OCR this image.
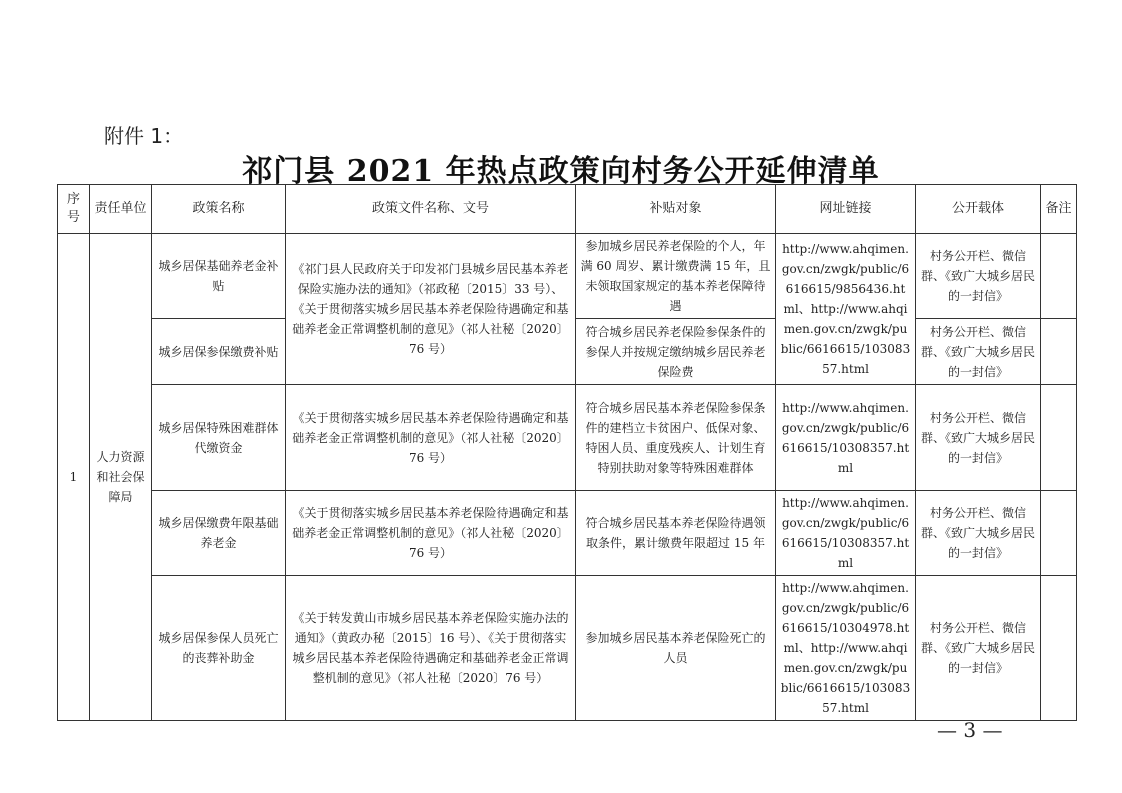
附件 1：
祁门县 2021 年热点政策向村务公开延伸清单
序号	责任单位	政策名称	政策文件名称、文号	补贴对象	网址链接	公开载体	备注
1	人力资源和社会保障局	城乡居保基础养老金补贴	《祁门县人民政府关于印发祁门县城乡居民基本养老保险实施办法的通知》（祁政秘〔2015〕33 号）、《关于贯彻落实城乡居民基本养老保险待遇确定和基础养老金正常调整机制的意见》（祁人社秘〔2020〕76 号）	参加城乡居民养老保险的个人，年满 60 周岁、累计缴费满 15 年，且未领取国家规定的基本养老保障待遇	http://www.ahqimen.gov.cn/zwgk/public/6616615/9856436.html、http://www.ahqimen.gov.cn/zwgk/public/6616615/10308357.html	村务公开栏、微信群、《致广大城乡居民的一封信》	
		城乡居保参保缴费补贴		符合城乡居民养老保险参保条件的参保人并按规定缴纳城乡居民养老保险费		村务公开栏、微信群、《致广大城乡居民的一封信》	
		城乡居保特殊困难群体代缴资金	《关于贯彻落实城乡居民基本养老保险待遇确定和基础养老金正常调整机制的意见》（祁人社秘〔2020〕76 号）	符合城乡居民基本养老保险参保条件的建档立卡贫困户、低保对象、特困人员、重度残疾人、计划生育特别扶助对象等特殊困难群体	http://www.ahqimen.gov.cn/zwgk/public/6616615/10308357.html	村务公开栏、微信群、《致广大城乡居民的一封信》	
		城乡居保缴费年限基础养老金	《关于贯彻落实城乡居民基本养老保险待遇确定和基础养老金正常调整机制的意见》（祁人社秘〔2020〕76 号）	符合城乡居民基本养老保险待遇领取条件，累计缴费年限超过 15 年	http://www.ahqimen.gov.cn/zwgk/public/6616615/10308357.html	村务公开栏、微信群、《致广大城乡居民的一封信》	
		城乡居保参保人员死亡的丧葬补助金	《关于转发黄山市城乡居民基本养老保险实施办法的通知》（黄政办秘〔2015〕16 号）、《关于贯彻落实城乡居民基本养老保险待遇确定和基础养老金正常调整机制的意见》（祁人社秘〔2020〕76 号）	参加城乡居民基本养老保险死亡的人员	http://www.ahqimen.gov.cn/zwgk/public/6616615/10304978.html、http://www.ahqimen.gov.cn/zwgk/public/6616615/10308357.html	村务公开栏、微信群、《致广大城乡居民的一封信》	
— 3 —
